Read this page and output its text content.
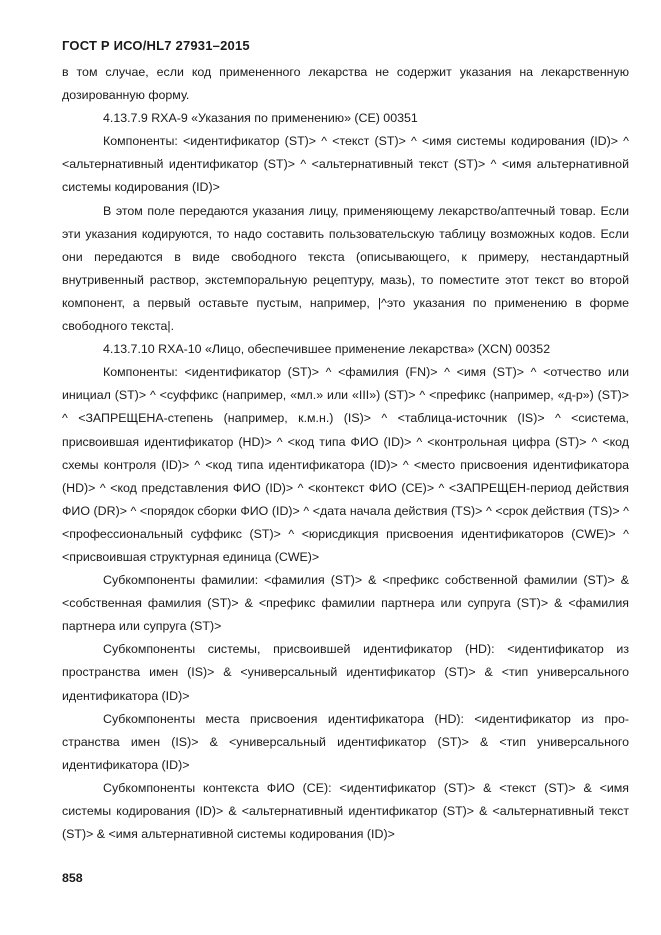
ГОСТ Р ИСО/HL7 27931–2015

в том случае, если код примененного лекарства не содержит указания на лекарственную дозированную форму.

4.13.7.9 RXA-9 «Указания по применению» (CE) 00351

Компоненты: <идентификатор (ST)> ^ <текст (ST)> ^ <имя системы кодирования (ID)> ^ <альтернативный идентификатор (ST)> ^ <альтернативный текст (ST)> ^ <имя альтернативной системы кодирования (ID)>

В этом поле передаются указания лицу, применяющему лекарство/аптечный товар. Если эти указания кодируются, то надо составить пользовательскую таблицу возможных кодов. Если они передаются в виде свободного текста (описывающего, к примеру, нестандартный внутривенный раствор, экстемпоральную рецептуру, мазь), то поместите этот текст во второй компонент, а первый оставьте пустым, например, |^это указания по применению в форме свободного текста|.

4.13.7.10 RXA-10 «Лицо, обеспечившее применение лекарства» (XCN) 00352

Компоненты: <идентификатор (ST)> ^ <фамилия (FN)> ^ <имя (ST)> ^ <отчество или инициал (ST)> ^ <суффикс (например, «мл.» или «III») (ST)> ^ <префикс (например, «д-р») (ST)> ^ <ЗАПРЕЩЕНА-степень (например, к.м.н.) (IS)> ^ <таблица-источник (IS)> ^ <система, присвоившая идентификатор (HD)> ^ <код типа ФИО (ID)> ^ <контрольная цифра (ST)> ^ <код схемы контроля (ID)> ^ <код типа идентификатора (ID)> ^ <место присвоения идентификатора (HD)> ^ <код представления ФИО (ID)> ^ <контекст ФИО (CE)> ^ <ЗАПРЕЩЕН-период действия ФИО (DR)> ^ <порядок сборки ФИО (ID)> ^ <дата начала действия (TS)> ^ <срок действия (TS)> ^ <профессиональный суффикс (ST)> ^ <юрисдикция присвоения идентификаторов (CWE)> ^ <присвоившая структурная единица (CWE)>

Субкомпоненты фамилии: <фамилия (ST)> & <префикс собственной фамилии (ST)> & <собственная фамилия (ST)> & <префикс фамилии партнера или супруга (ST)> & <фамилия партнера или супруга (ST)>

Субкомпоненты системы, присвоившей идентификатор (HD): <идентификатор из пространства имен (IS)> & <универсальный идентификатор (ST)> & <тип универсального идентификатора (ID)>

Субкомпоненты места присвоения идентификатора (HD): <идентификатор из пространства имен (IS)> & <универсальный идентификатор (ST)> & <тип универсального идентификатора (ID)>

Субкомпоненты контекста ФИО (CE): <идентификатор (ST)> & <текст (ST)> & <имя системы кодирования (ID)> & <альтернативный идентификатор (ST)> & <альтернативный текст (ST)> & <имя альтернативной системы кодирования (ID)>

858
